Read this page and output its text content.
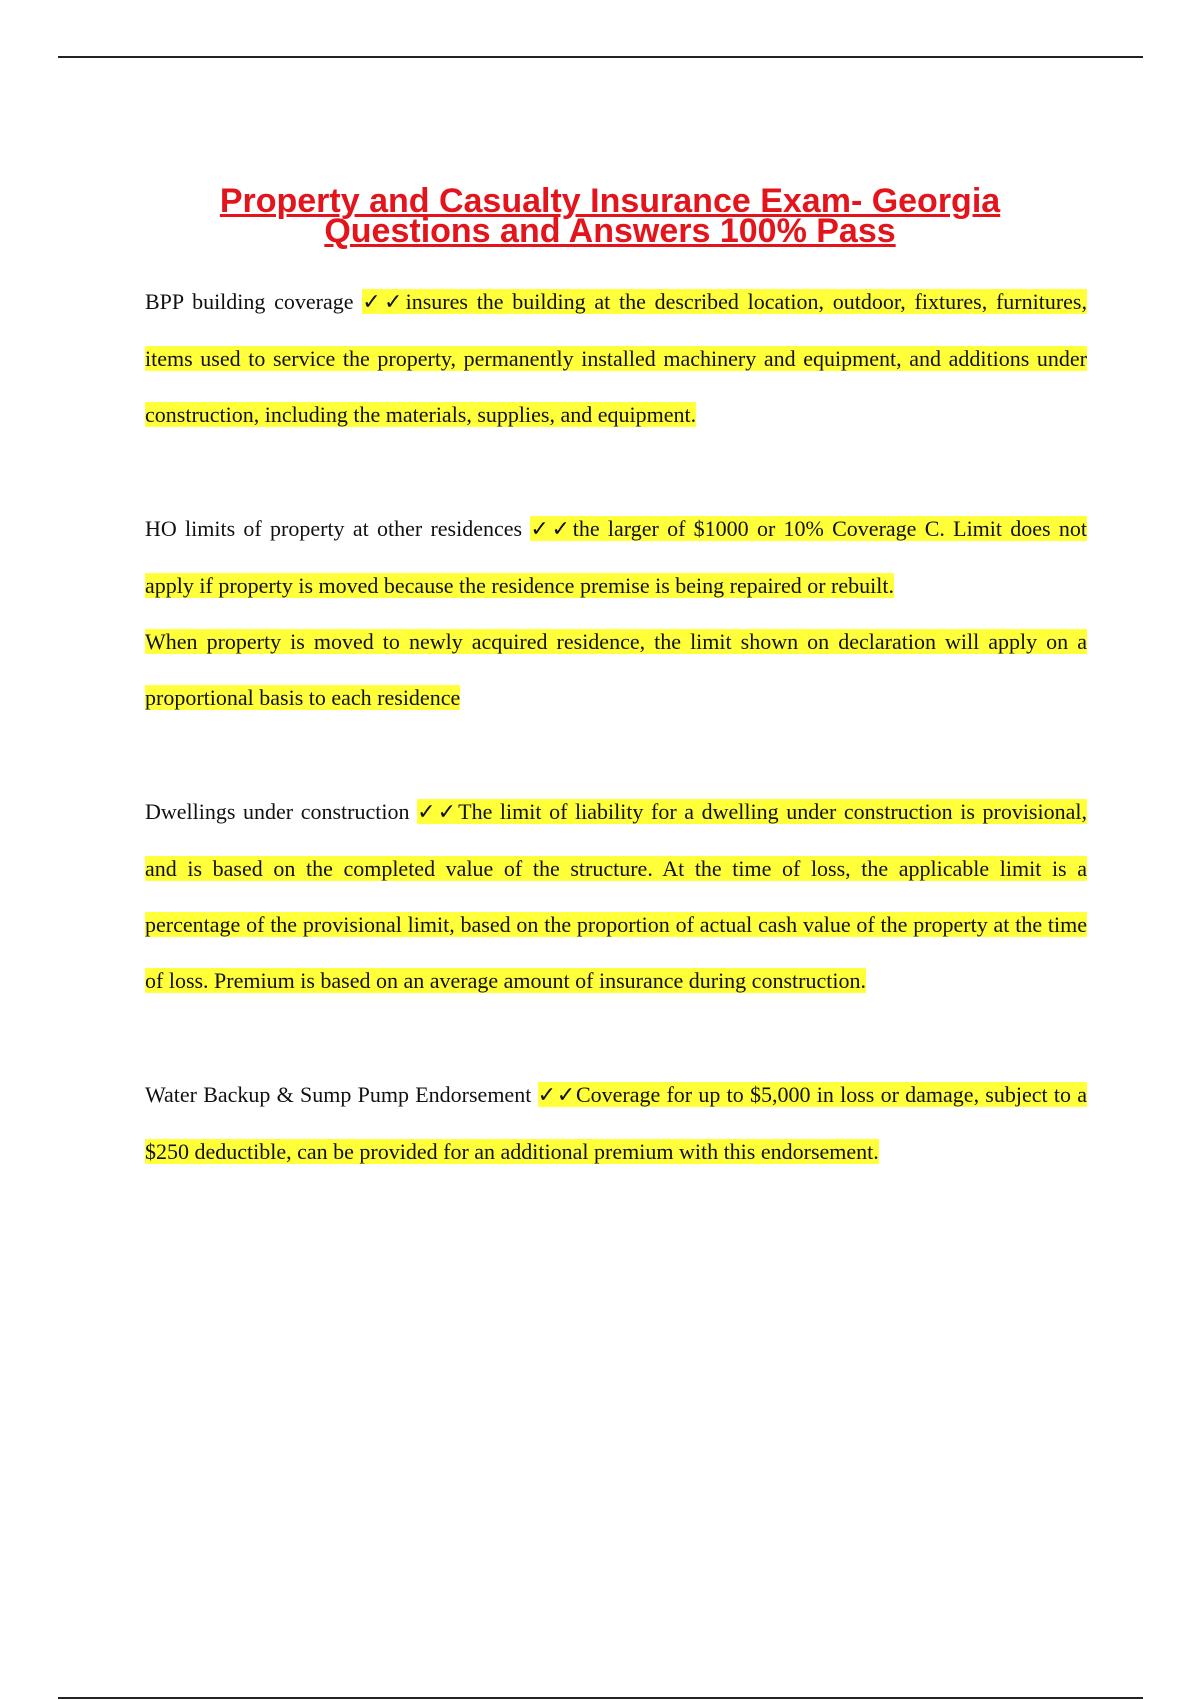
Property and Casualty Insurance Exam- Georgia
Questions and Answers 100% Pass

BPP building coverage ✓✓insures the building at the described location, outdoor, fixtures, furnitures, items used to service the property, permanently installed machinery and equipment, and additions under construction, including the materials, supplies, and equipment.

HO limits of property at other residences ✓✓the larger of $1000 or 10% Coverage C. Limit does not apply if property is moved because the residence premise is being repaired or rebuilt.
When property is moved to newly acquired residence, the limit shown on declaration will apply on a proportional basis to each residence

Dwellings under construction ✓✓The limit of liability for a dwelling under construction is provisional, and is based on the completed value of the structure. At the time of loss, the applicable limit is a percentage of the provisional limit, based on the proportion of actual cash value of the property at the time of loss. Premium is based on an average amount of insurance during construction.

Water Backup & Sump Pump Endorsement ✓✓Coverage for up to $5,000 in loss or damage, subject to a $250 deductible, can be provided for an additional premium with this endorsement.
